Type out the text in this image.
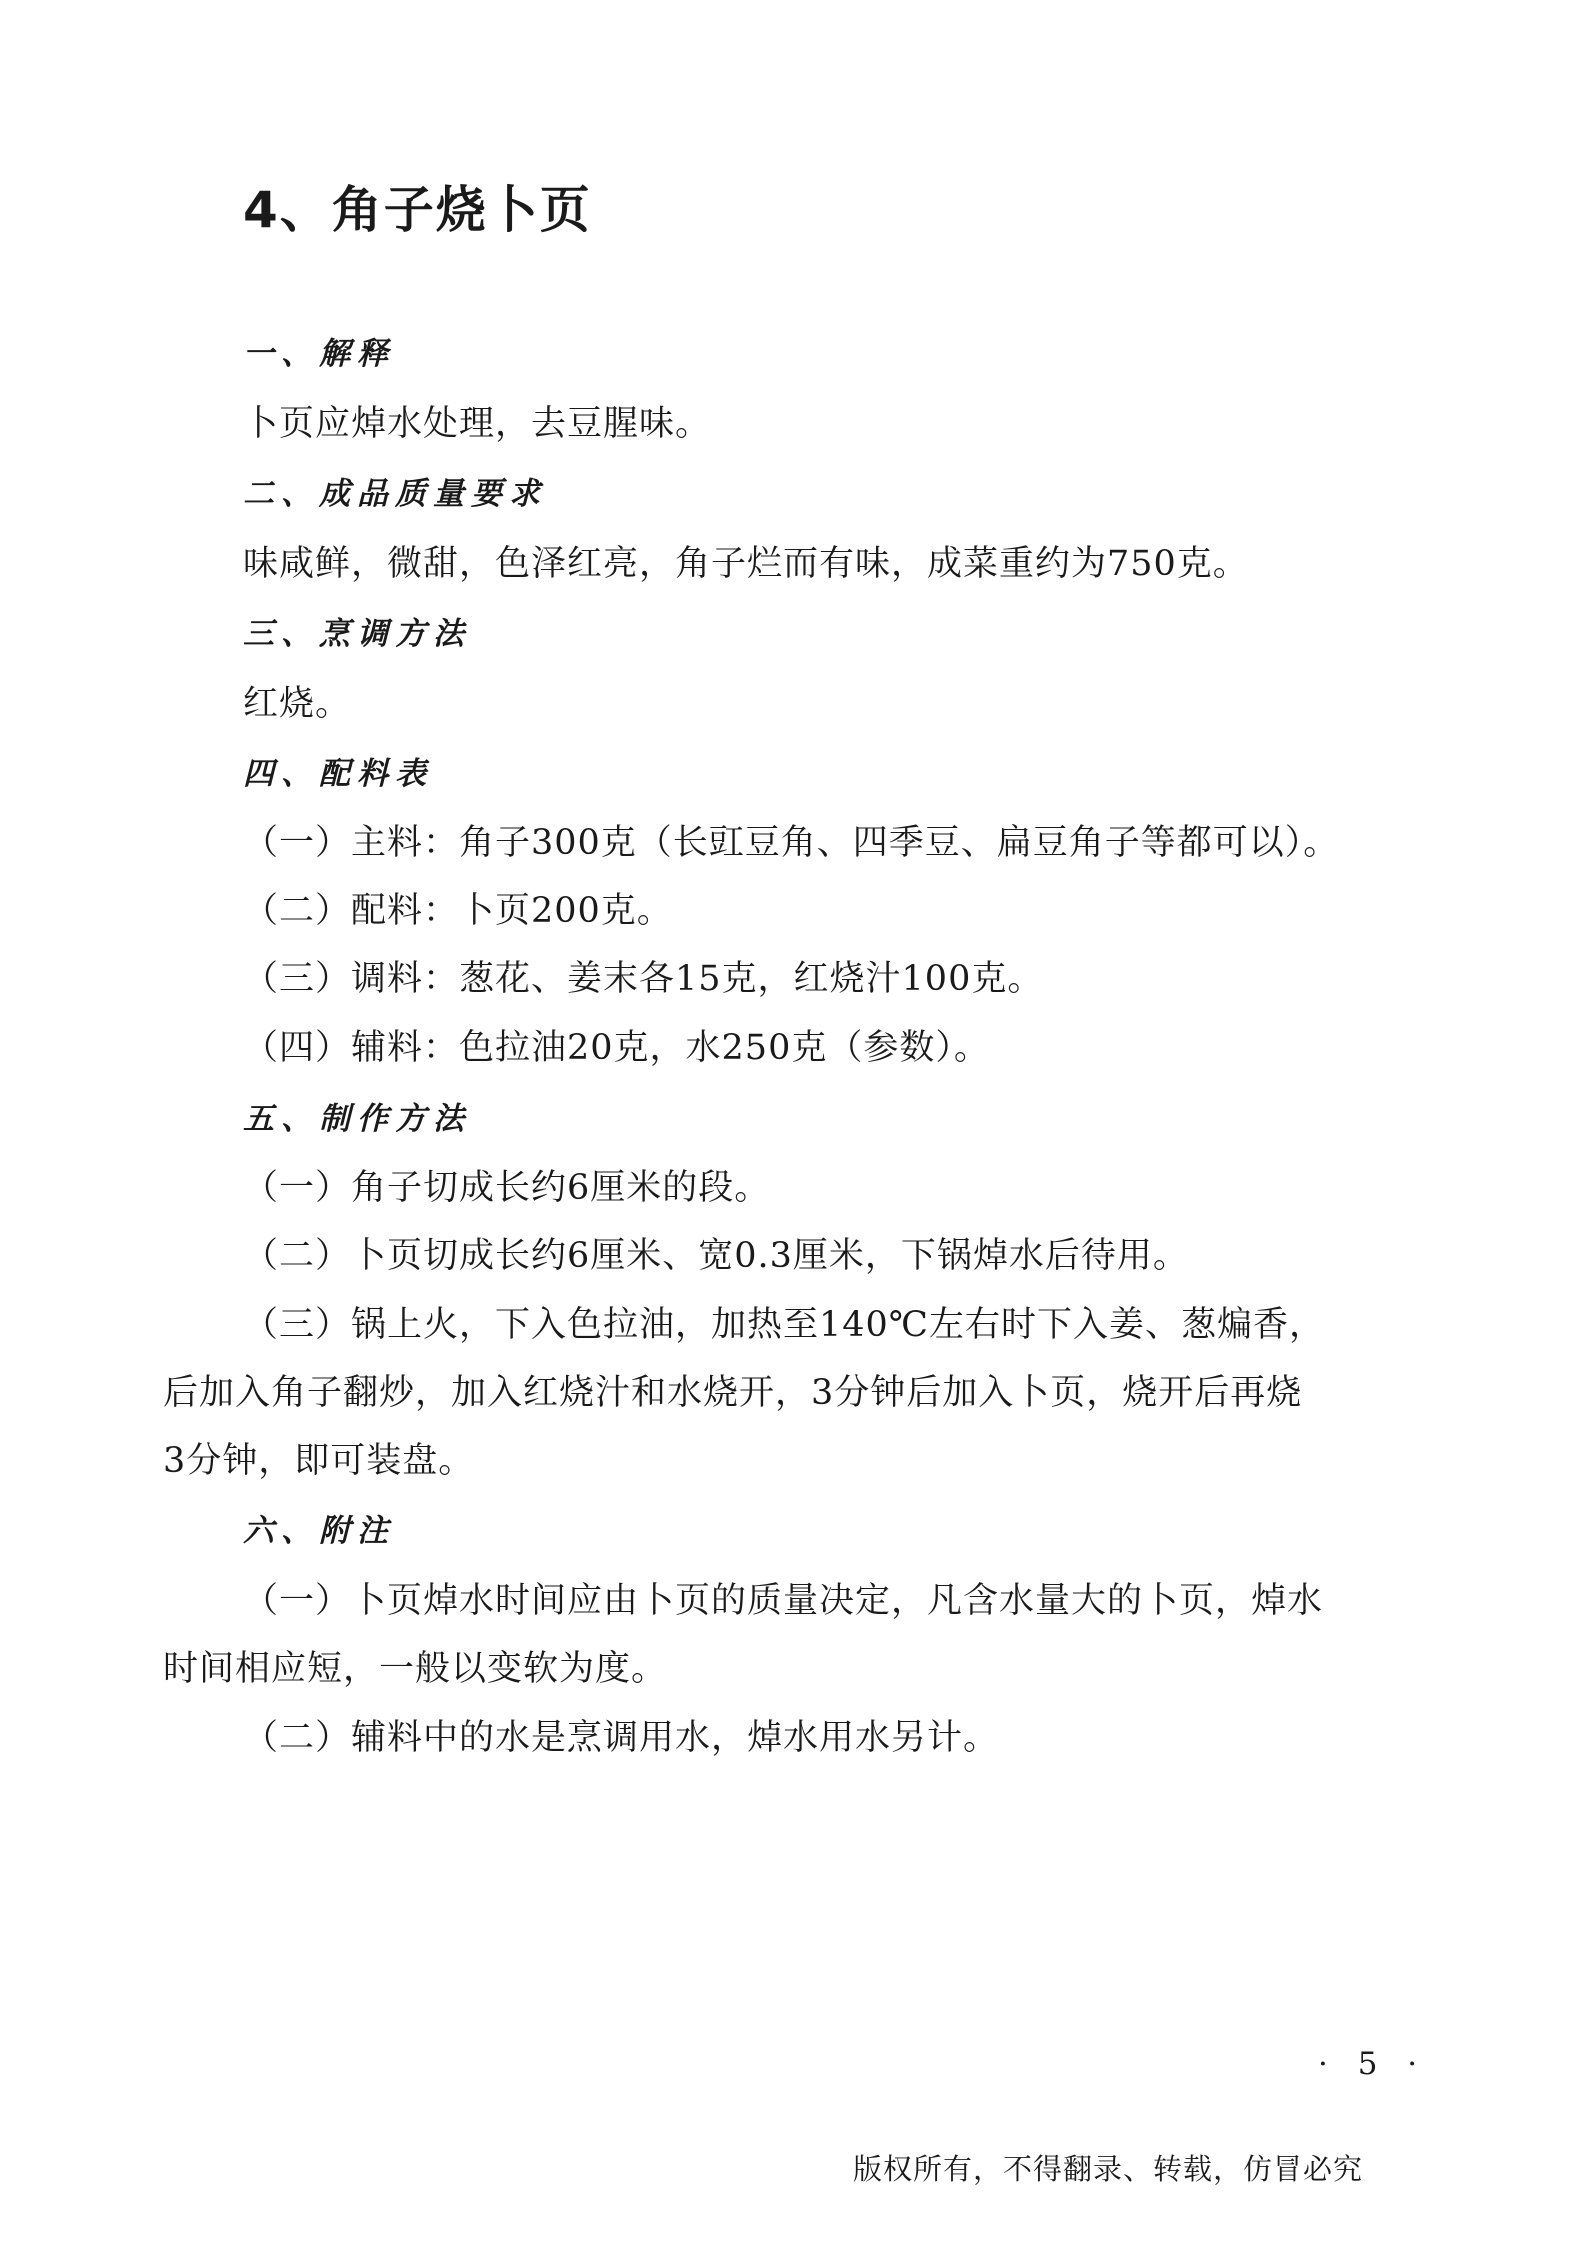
4、角子烧卜页
一、解释
卜页应焯水处理，去豆腥味。
二、成品质量要求
味咸鲜，微甜，色泽红亮，角子烂而有味，成菜重约为750克。
三、烹调方法
红烧。
四、配料表
（一）主料：角子300克（长豇豆角、四季豆、扁豆角子等都可以）。
（二）配料：卜页200克。
（三）调料：葱花、姜末各15克，红烧汁100克。
（四）辅料：色拉油20克，水250克（参数）。
五、制作方法
（一）角子切成长约6厘米的段。
（二）卜页切成长约6厘米、宽0.3厘米，下锅焯水后待用。
（三）锅上火，下入色拉油，加热至140℃左右时下入姜、葱煸香，
后加入角子翻炒，加入红烧汁和水烧开，3分钟后加入卜页，烧开后再烧
3分钟，即可装盘。
六、附注
（一）卜页焯水时间应由卜页的质量决定，凡含水量大的卜页，焯水
时间相应短，一般以变软为度。
（二）辅料中的水是烹调用水，焯水用水另计。
· 5 ·
版权所有，不得翻录、转载，仿冒必究
